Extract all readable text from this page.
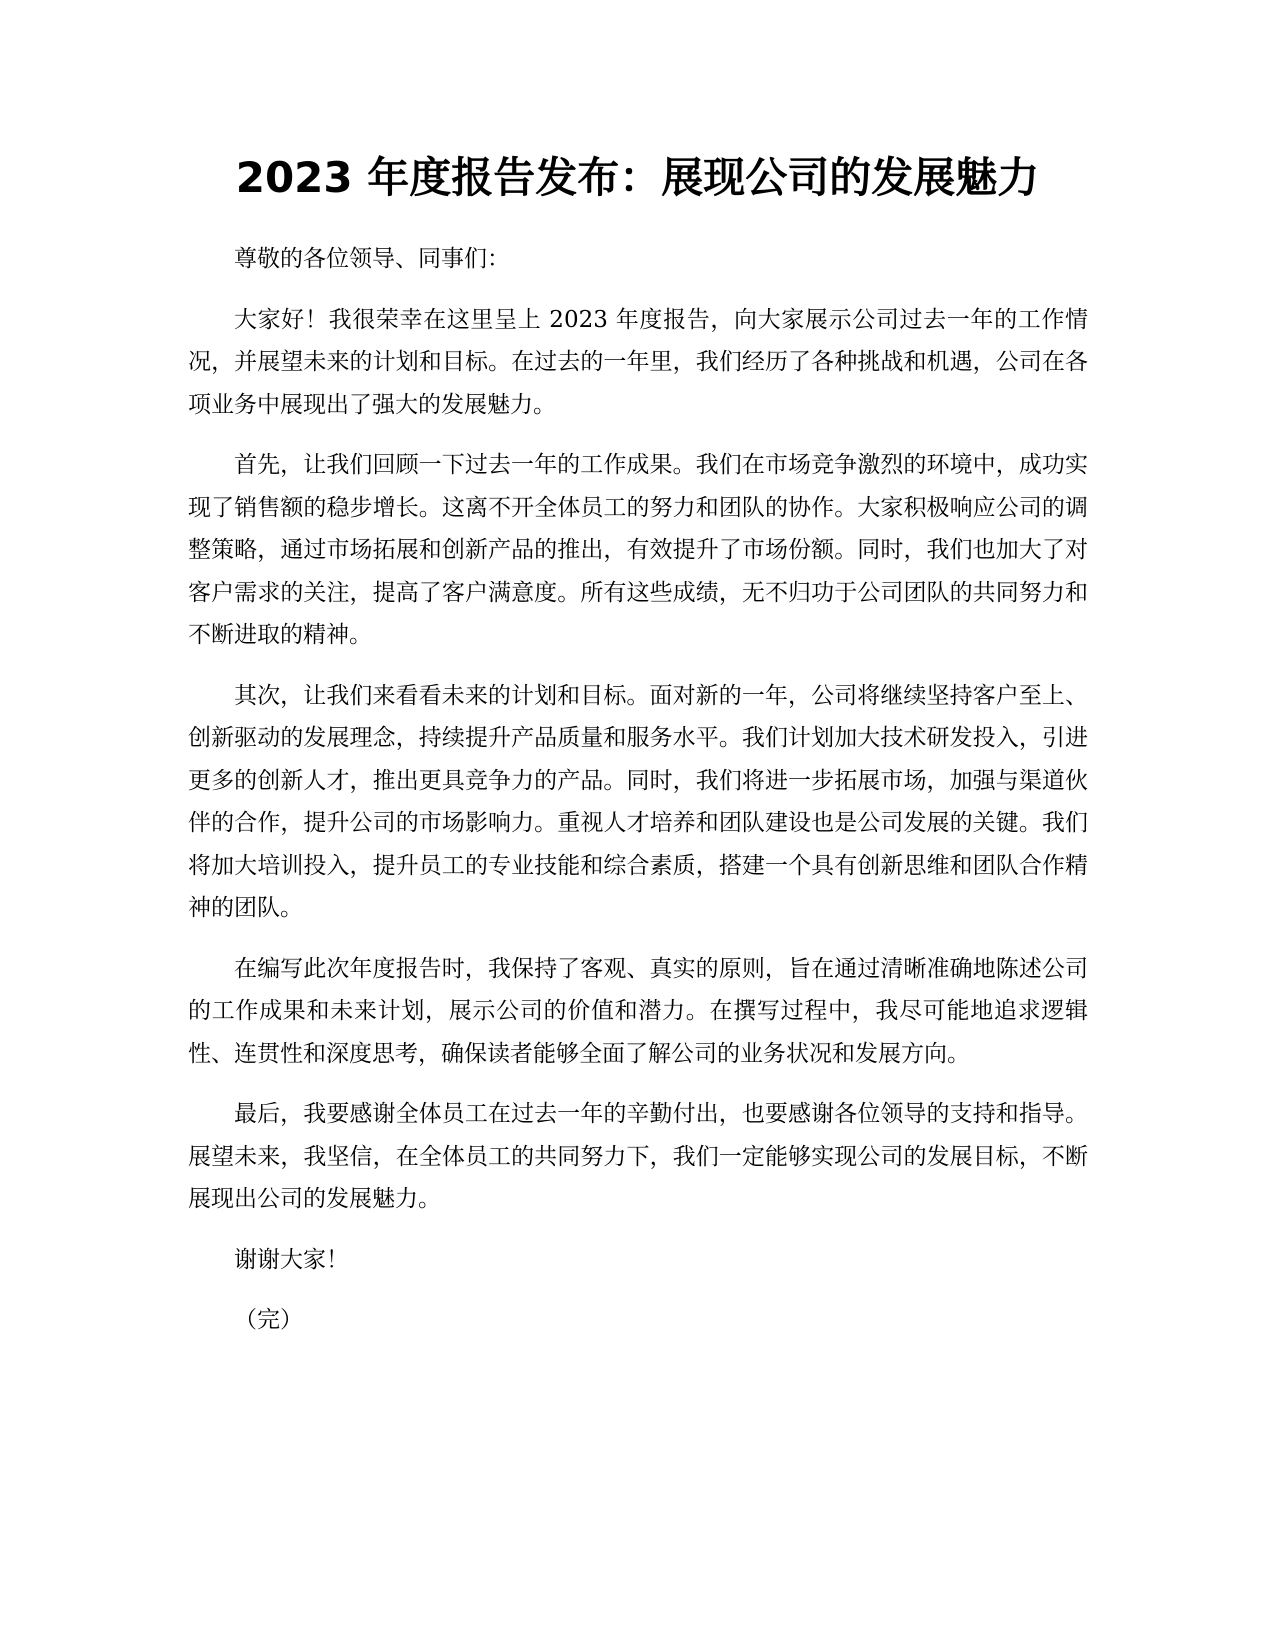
2023 年度报告发布：展现公司的发展魅力

尊敬的各位领导、同事们：

大家好！我很荣幸在这里呈上 2023 年度报告，向大家展示公司过去一年的工作情况，并展望未来的计划和目标。在过去的一年里，我们经历了各种挑战和机遇，公司在各项业务中展现出了强大的发展魅力。

首先，让我们回顾一下过去一年的工作成果。我们在市场竞争激烈的环境中，成功实现了销售额的稳步增长。这离不开全体员工的努力和团队的协作。大家积极响应公司的调整策略，通过市场拓展和创新产品的推出，有效提升了市场份额。同时，我们也加大了对客户需求的关注，提高了客户满意度。所有这些成绩，无不归功于公司团队的共同努力和不断进取的精神。

其次，让我们来看看未来的计划和目标。面对新的一年，公司将继续坚持客户至上、创新驱动的发展理念，持续提升产品质量和服务水平。我们计划加大技术研发投入，引进更多的创新人才，推出更具竞争力的产品。同时，我们将进一步拓展市场，加强与渠道伙伴的合作，提升公司的市场影响力。重视人才培养和团队建设也是公司发展的关键。我们将加大培训投入，提升员工的专业技能和综合素质，搭建一个具有创新思维和团队合作精神的团队。

在编写此次年度报告时，我保持了客观、真实的原则，旨在通过清晰准确地陈述公司的工作成果和未来计划，展示公司的价值和潜力。在撰写过程中，我尽可能地追求逻辑性、连贯性和深度思考，确保读者能够全面了解公司的业务状况和发展方向。

最后，我要感谢全体员工在过去一年的辛勤付出，也要感谢各位领导的支持和指导。展望未来，我坚信，在全体员工的共同努力下，我们一定能够实现公司的发展目标，不断展现出公司的发展魅力。

谢谢大家！

（完）
